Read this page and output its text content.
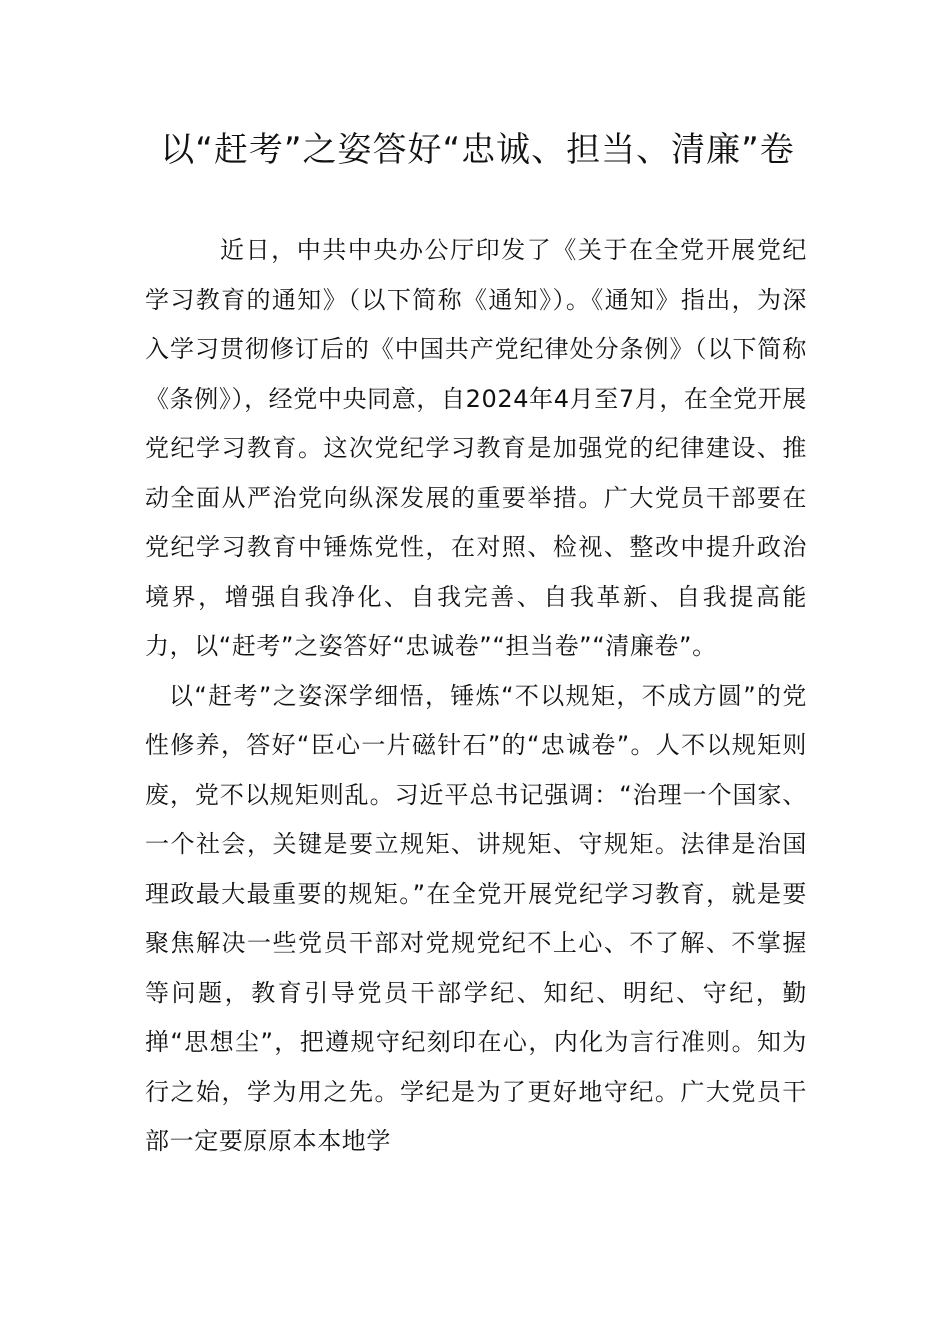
以“赶考”之姿答好“忠诚、担当、清廉”卷

近日，中共中央办公厅印发了《关于在全党开展党纪学习教育的通知》（以下简称《通知》）。《通知》指出，为深入学习贯彻修订后的《中国共产党纪律处分条例》（以下简称《条例》），经党中央同意，自2024年4月至7月，在全党开展党纪学习教育。这次党纪学习教育是加强党的纪律建设、推动全面从严治党向纵深发展的重要举措。广大党员干部要在党纪学习教育中锤炼党性，在对照、检视、整改中提升政治境界，增强自我净化、自我完善、自我革新、自我提高能力，以“赶考”之姿答好“忠诚卷”“担当卷”“清廉卷”。

以“赶考”之姿深学细悟，锤炼“不以规矩，不成方圆”的党性修养，答好“臣心一片磁针石”的“忠诚卷”。人不以规矩则废，党不以规矩则乱。习近平总书记强调：“治理一个国家、一个社会，关键是要立规矩、讲规矩、守规矩。法律是治国理政最大最重要的规矩。”在全党开展党纪学习教育，就是要聚焦解决一些党员干部对党规党纪不上心、不了解、不掌握等问题，教育引导党员干部学纪、知纪、明纪、守纪，勤掸“思想尘”，把遵规守纪刻印在心，内化为言行准则。知为行之始，学为用之先。学纪是为了更好地守纪。广大党员干部一定要原原本本地学
